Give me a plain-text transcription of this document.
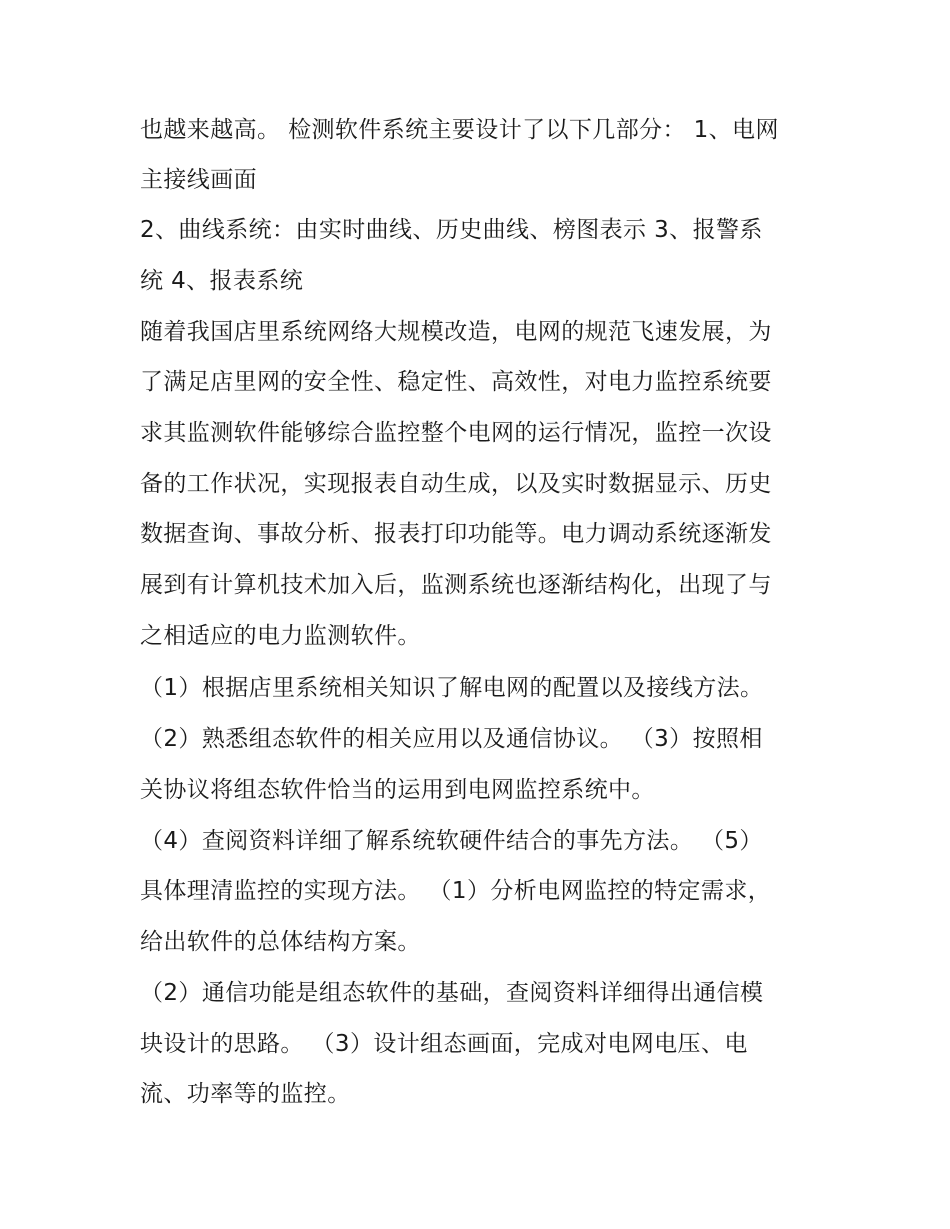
也越来越高。 检测软件系统主要设计了以下几部分： 1、电网
主接线画面
2、曲线系统：由实时曲线、历史曲线、榜图表示 3、报警系
统 4、报表系统
随着我国店里系统网络大规模改造，电网的规范飞速发展，为
了满足店里网的安全性、稳定性、高效性，对电力监控系统要
求其监测软件能够综合监控整个电网的运行情况，监控一次设
备的工作状况，实现报表自动生成，以及实时数据显示、历史
数据查询、事故分析、报表打印功能等。电力调动系统逐渐发
展到有计算机技术加入后，监测系统也逐渐结构化，出现了与
之相适应的电力监测软件。
（1）根据店里系统相关知识了解电网的配置以及接线方法。
（2）熟悉组态软件的相关应用以及通信协议。 （3）按照相
关协议将组态软件恰当的运用到电网监控系统中。
（4）查阅资料详细了解系统软硬件结合的事先方法。 （5）
具体理清监控的实现方法。 （1）分析电网监控的特定需求，
给出软件的总体结构方案。
（2）通信功能是组态软件的基础，查阅资料详细得出通信模
块设计的思路。 （3）设计组态画面，完成对电网电压、电
流、功率等的监控。
